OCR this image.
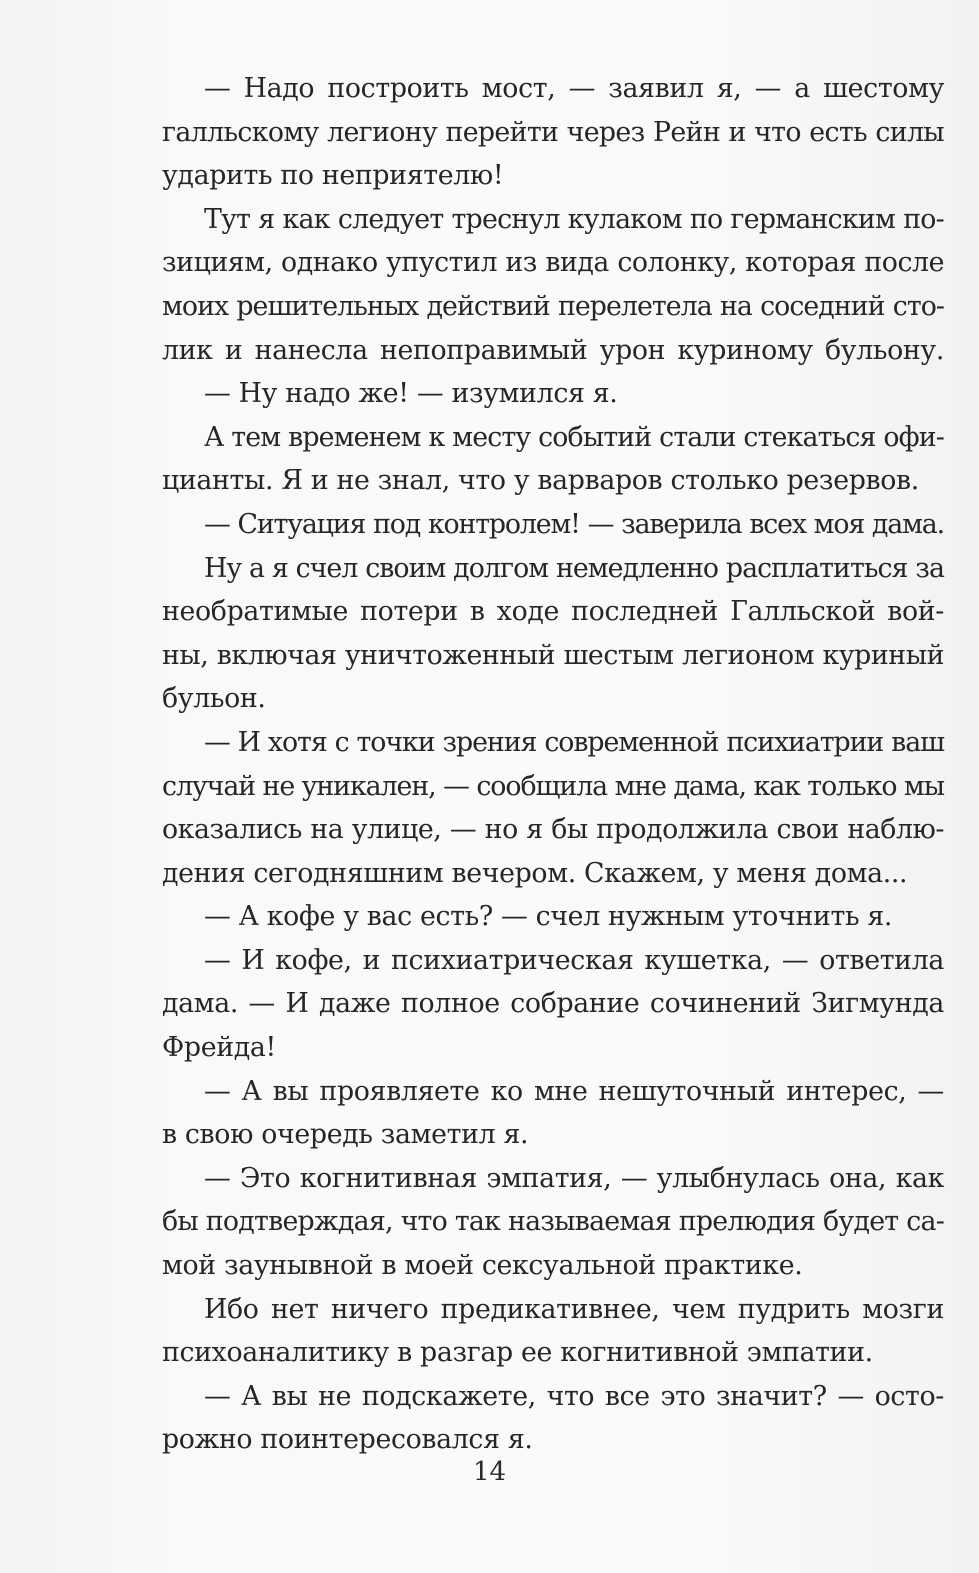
— Надо построить мост, — заявил я, — а шестому
галльскому легиону перейти через Рейн и что есть силы
ударить по неприятелю!
Тут я как следует треснул кулаком по германским по-
зициям, однако упустил из вида солонку, которая после
моих решительных действий перелетела на соседний сто-
лик и нанесла непоправимый урон куриному бульону.
— Ну надо же! — изумился я.
А тем временем к месту событий стали стекаться офи-
цианты. Я и не знал, что у варваров столько резервов.
— Ситуация под контролем! — заверила всех моя дама.
Ну а я счел своим долгом немедленно расплатиться за
необратимые потери в ходе последней Галльской вой-
ны, включая уничтоженный шестым легионом куриный
бульон.
— И хотя с точки зрения современной психиатрии ваш
случай не уникален, — сообщила мне дама, как только мы
оказались на улице, — но я бы продолжила свои наблю-
дения сегодняшним вечером. Скажем, у меня дома...
— А кофе у вас есть? — счел нужным уточнить я.
— И кофе, и психиатрическая кушетка, — ответила
дама. — И даже полное собрание сочинений Зигмунда
Фрейда!
— А вы проявляете ко мне нешуточный интерес, —
в свою очередь заметил я.
— Это когнитивная эмпатия, — улыбнулась она, как
бы подтверждая, что так называемая прелюдия будет са-
мой заунывной в моей сексуальной практике.
Ибо нет ничего предикативнее, чем пудрить мозги
психоаналитику в разгар ее когнитивной эмпатии.
— А вы не подскажете, что все это значит? — осто-
рожно поинтересовался я.
14
